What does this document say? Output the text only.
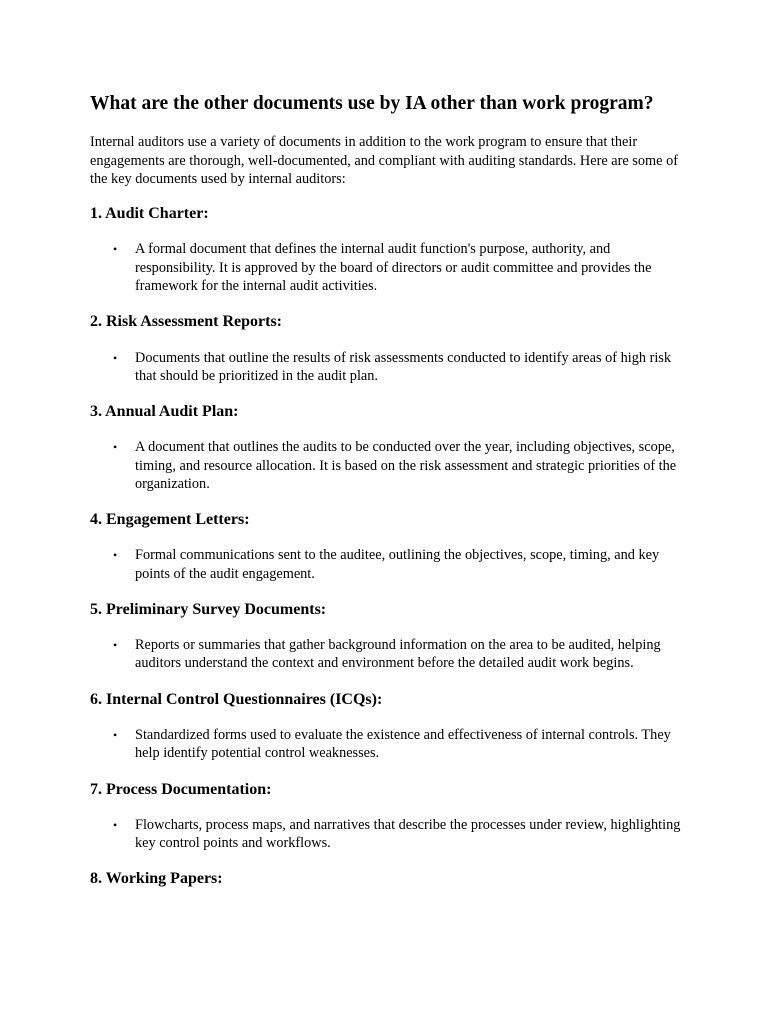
What are the other documents use by IA other than work program?

Internal auditors use a variety of documents in addition to the work program to ensure that their engagements are thorough, well-documented, and compliant with auditing standards. Here are some of the key documents used by internal auditors:

1. Audit Charter:
• A formal document that defines the internal audit function's purpose, authority, and responsibility. It is approved by the board of directors or audit committee and provides the framework for the internal audit activities.
2. Risk Assessment Reports:
• Documents that outline the results of risk assessments conducted to identify areas of high risk that should be prioritized in the audit plan.
3. Annual Audit Plan:
• A document that outlines the audits to be conducted over the year, including objectives, scope, timing, and resource allocation. It is based on the risk assessment and strategic priorities of the organization.
4. Engagement Letters:
• Formal communications sent to the auditee, outlining the objectives, scope, timing, and key points of the audit engagement.
5. Preliminary Survey Documents:
• Reports or summaries that gather background information on the area to be audited, helping auditors understand the context and environment before the detailed audit work begins.
6. Internal Control Questionnaires (ICQs):
• Standardized forms used to evaluate the existence and effectiveness of internal controls. They help identify potential control weaknesses.
7. Process Documentation:
• Flowcharts, process maps, and narratives that describe the processes under review, highlighting key control points and workflows.
8. Working Papers:
